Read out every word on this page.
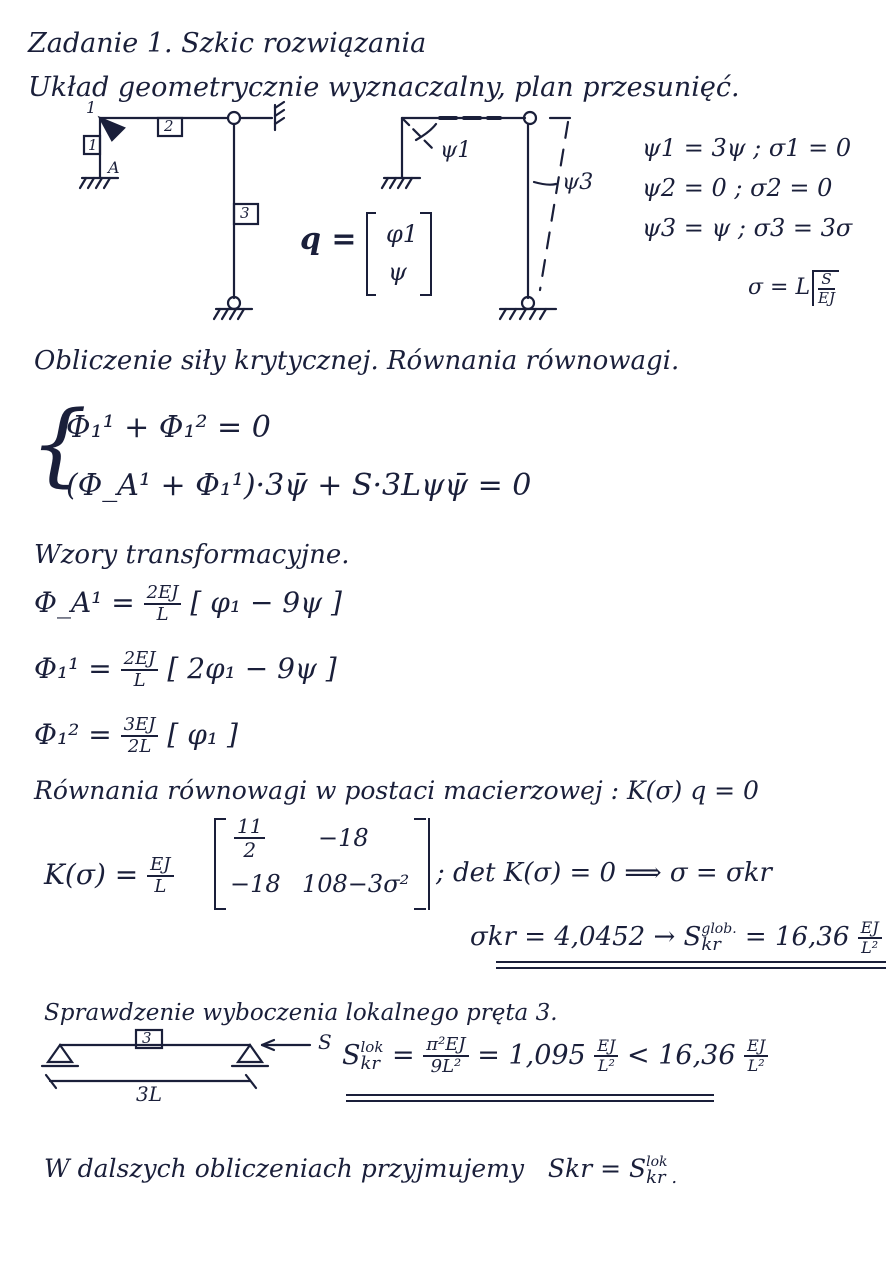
Zadanie 1. Szkic rozwiązania
Układ geometrycznie wyznaczalny, plan przesunięć.
1
A
1
2
3
ψ1
ψ3
q = φ1
ψ
ψ1 = 3ψ ; σ1 = 0
ψ2 = 0 ; σ2 = 0
ψ3 = ψ ; σ3 = 3σ
σ = L $\frac{S}{EJ}$
Obliczenie siły krytycznej. Równania równowagi.
{
Φ₁¹ + Φ₁² = 0
(Φ_A¹ + Φ₁¹)·3ψ̄ + S·3Lψψ̄ = 0
Wzory transformacyjne.
Φ_A¹ = $\frac{2EJ}{L}$ [ φ₁ − 9ψ ]
$\Phi_1^1 = \frac{2EJ}{L}$ [ 2φ₁ − 9ψ ]
$\Phi_1^2 = \frac{3EJ}{2L}$ [ φ₁ ]
Równania równowagi w postaci macierzowej : K(σ) q = 0
$K(\sigma) = \frac{EJ}{L}$
$\frac{11}{2} -18$
−18 108−3σ² ; det K(σ) = 0 ⟹ σ = σkr
σkr = 4,0452 → S glob.
kr = $16,36 \frac{EJ}{\text{L²}}$
Sprawdzenie wyboczenia lokalnego pręta 3.
3	S
3L
S lok
kr = $\frac{\text{π²EJ}}{\text{9L²}} = 1,095 \frac{EJ}{\text{L²}} < 16,36 \frac{EJ}{\text{L²}}$
W dalszych obliczeniach przyjmujemy Skr = S lok
kr .
